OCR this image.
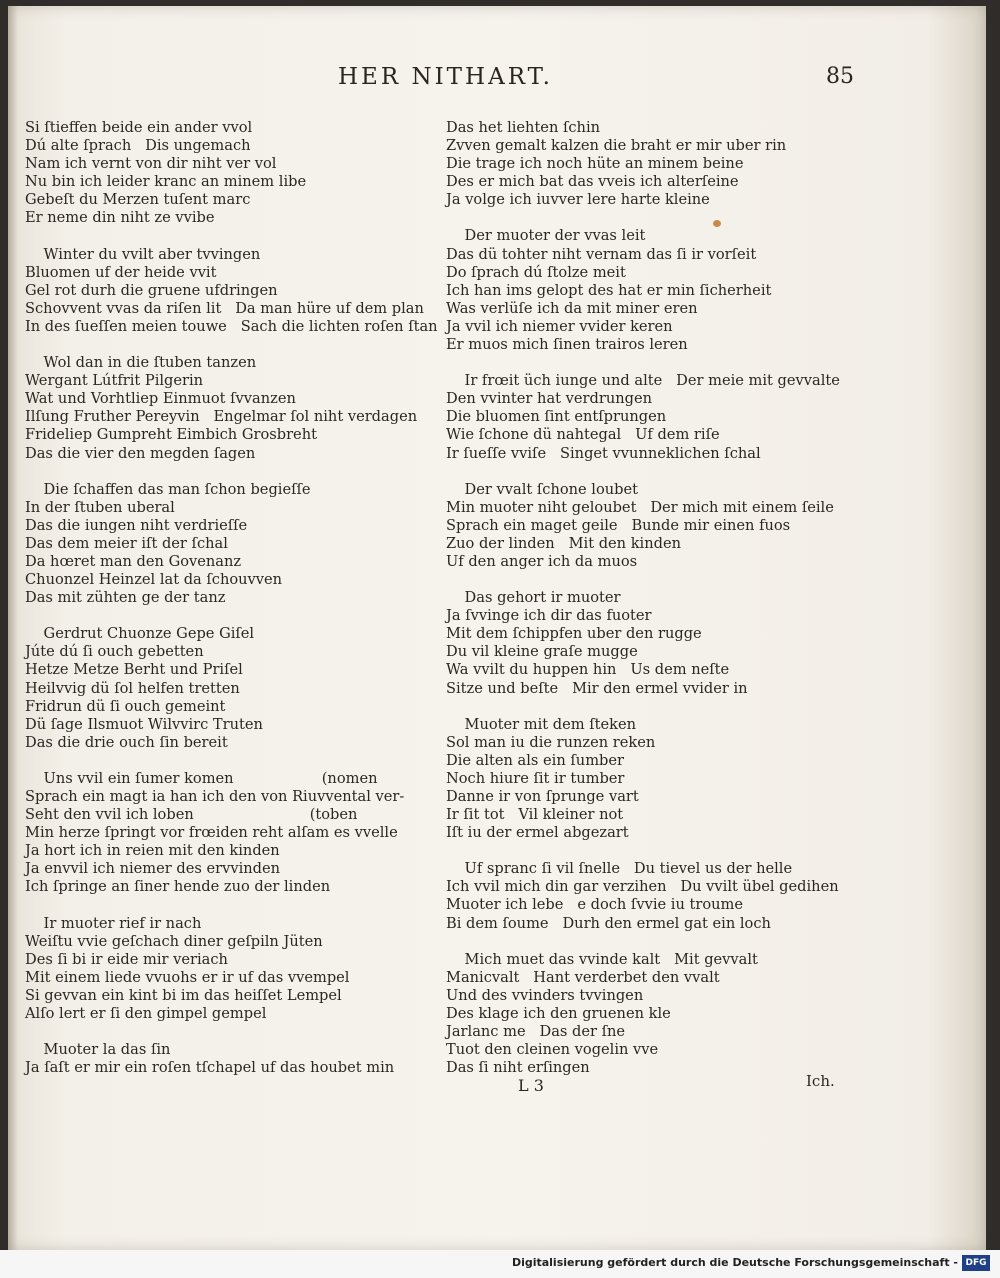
HER NITHART.	85
Si ſtieffen beide ein ander vvol
Dú alte ſprach   Dis ungemach
Nam ich vernt von dir niht ver vol
Nu bin ich leider kranc an minem libe
Gebeſt du Merzen tuſent marc
Er neme din niht ze vvibe
Winter du vvilt aber tvvingen
Bluomen uf der heide vvit
Gel rot durh die gruene ufdringen
Schovvent vvas da riſen lit   Da man hüre uf dem plan
In des ſueſſen meien touwe   Sach die lichten roſen ſtan
Wol dan in die ſtuben tanzen
Wergant Lútfrit Pilgerin
Wat und Vorhtliep Einmuot ſvvanzen
Ilſung Fruther Pereyvin   Engelmar ſol niht verdagen
Frideliep Gumpreht Eimbich Grosbreht
Das die vier den megden ſagen
Die ſchaffen das man ſchon begieſſe
In der ſtuben uberal
Das die iungen niht verdrieſſe
Das dem meier iſt der ſchal
Da hœret man den Govenanz
Chuonzel Heinzel lat da ſchouvven
Das mit zühten ge der tanz
Gerdrut Chuonze Gepe Giſel
Júte dú ſi ouch gebetten
Hetze Metze Berht und Priſel
Heilvvig dü ſol helfen tretten
Fridrun dü ſi ouch gemeint
Dü ſage Ilsmuot Wilvvirc Truten
Das die drie ouch ſin bereit
Uns vvil ein ſumer komen                   (nomen
Sprach ein magt ia han ich den von Riuvvental ver-
Seht den vvil ich loben                         (toben
Min herze ſpringt vor frœiden reht alſam es vvelle
Ja hort ich in reien mit den kinden
Ja envvil ich niemer des ervvinden
Ich ſpringe an ſiner hende zuo der linden
Ir muoter rief ir nach
Weiſtu vvie geſchach diner geſpiln Jüten
Des ſi bi ir eide mir veriach
Mit einem liede vvuohs er ir uf das vvempel
Si gevvan ein kint bi im das heiſſet Lempel
Alſo lert er ſi den gimpel gempel
Muoter la das ſin
Ja ſaſt er mir ein roſen tſchapel uf das houbet min
Das het liehten ſchin
Zvven gemalt kalzen die braht er mir uber rin
Die trage ich noch hüte an minem beine
Des er mich bat das vveis ich alterſeine
Ja volge ich iuvver lere harte kleine
Der muoter der vvas leit
Das dü tohter niht vernam das ſi ir vorſeit
Do ſprach dú ſtolze meit
Ich han ims gelopt des hat er min ſicherheit
Was verlüſe ich da mit miner eren
Ja vvil ich niemer vvider keren
Er muos mich ſinen trairos leren
Ir frœit üch iunge und alte   Der meie mit gevvalte
Den vvinter hat verdrungen
Die bluomen ſint entſprungen
Wie ſchone dü nahtegal   Uf dem riſe
Ir ſueſſe vviſe   Singet vvunneklichen ſchal
Der vvalt ſchone loubet
Min muoter niht geloubet   Der mich mit einem ſeile
Sprach ein maget geile   Bunde mir einen fuos
Zuo der linden   Mit den kinden
Uf den anger ich da muos
Das gehort ir muoter
Ja ſvvinge ich dir das fuoter
Mit dem ſchippfen uber den rugge
Du vil kleine graſe mugge
Wa vvilt du huppen hin   Us dem neſte
Sitze und beſte   Mir den ermel vvider in
Muoter mit dem ſteken
Sol man iu die runzen reken
Die alten als ein ſumber
Noch hiure ſit ir tumber
Danne ir von ſprunge vart
Ir ſit tot   Vil kleiner not
Iſt iu der ermel abgezart
Uf spranc ſi vil ſnelle   Du tievel us der helle
Ich vvil mich din gar verzihen   Du vvilt übel gedihen
Muoter ich lebe   e doch ſvvie iu troume
Bi dem ſoume   Durh den ermel gat ein loch
Mich muet das vvinde kalt   Mit gevvalt
Manicvalt   Hant verderbet den vvalt
Und des vvinders tvvingen
Des klage ich den gruenen kle
Jarlanc me   Das der ſne
Tuot den cleinen vogelin vve
Das ſi niht erſingen
L 3	Ich.
Digitalisierung gefördert durch die Deutsche Forschungsgemeinschaft - DFG
